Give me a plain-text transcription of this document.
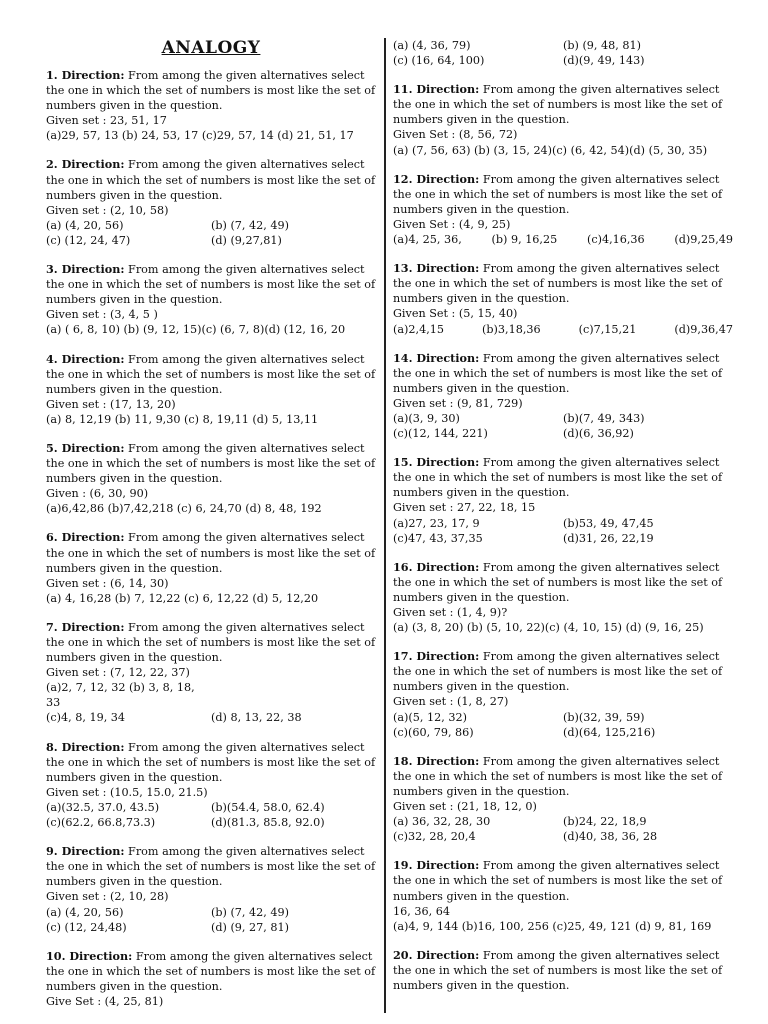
ANALOGY

1. Direction: From among the given alternatives select the one in which the set of numbers is most like the set of numbers given in the question.

Given set : 23, 51, 17

(a)29, 57, 13 (b) 24, 53, 17 (c)29, 57, 14 (d) 21, 51, 17

2. Direction: From among the given alternatives select the one in which the set of numbers is most like the set of numbers given in the question.

Given set : (2, 10, 58)

(a) (4, 20, 56)	(b) (7, 42, 49)
(c) (12, 24, 47)	(d) (9,27,81)

3. Direction: From among the given alternatives select the one in which the set of numbers is most like the set of numbers given in the question.

Given set : (3, 4, 5 )

(a) ( 6, 8, 10) (b) (9, 12, 15)(c) (6, 7, 8)(d) (12, 16, 20

4. Direction: From among the given alternatives select the one in which the set of numbers is most like the set of numbers given in the question.

Given set : (17, 13, 20)

(a) 8, 12,19 (b) 11, 9,30 (c) 8, 19,11 (d) 5, 13,11

5. Direction: From among the given alternatives select the one in which the set of numbers is most like the set of numbers given in the question.

Given : (6, 30, 90)

(a)6,42,86 (b)7,42,218 (c) 6, 24,70 (d) 8, 48, 192

6. Direction: From among the given alternatives select the one in which the set of numbers is most like the set of numbers given in the question.

Given set : (6, 14, 30)

(a) 4, 16,28 (b) 7, 12,22 (c) 6, 12,22 (d) 5, 12,20

7. Direction: From among the given alternatives select the one in which the set of numbers is most like the set of numbers given in the question.

Given set : (7, 12, 22, 37)

(a)2, 7, 12, 32 (b) 3, 8, 18, 33
(c)4, 8, 19, 34	(d) 8, 13, 22, 38

8. Direction: From among the given alternatives select the one in which the set of numbers is most like the set of numbers given in the question.

Given set : (10.5, 15.0, 21.5)

(a)(32.5, 37.0, 43.5)	(b)(54.4, 58.0, 62.4)
(c)(62.2, 66.8,73.3)	(d)(81.3, 85.8, 92.0)

9. Direction: From among the given alternatives select the one in which the set of numbers is most like the set of numbers given in the question.

Given set : (2, 10, 28)

(a) (4, 20, 56)	(b) (7, 42, 49)
(c) (12, 24,48)	(d) (9, 27, 81)

10. Direction: From among the given alternatives select the one in which the set of numbers is most like the set of numbers given in the question.

Give Set : (4, 25, 81)

(a) (4, 36, 79)	(b) (9, 48, 81)
(c) (16, 64, 100)	(d)(9, 49, 143)

11. Direction: From among the given alternatives select the one in which the set of numbers is most like the set of numbers given in the question.

Given Set : (8, 56, 72)

(a) (7, 56, 63) (b) (3, 15, 24)(c) (6, 42, 54)(d) (5, 30, 35)

12. Direction: From among the given alternatives select the one in which the set of numbers is most like the set of numbers given in the question.

Given Set : (4, 9, 25)

(a)4, 25, 36,	(b) 9, 16,25	(c)4,16,36	(d)9,25,49

13. Direction: From among the given alternatives select the one in which the set of numbers is most like the set of numbers given in the question.

Given Set : (5, 15, 40)

(a)2,4,15	(b)3,18,36	(c)7,15,21	(d)9,36,47

14. Direction: From among the given alternatives select the one in which the set of numbers is most like the set of numbers given in the question.

Given set : (9, 81, 729)

(a)(3, 9, 30)	(b)(7, 49, 343)
(c)(12, 144, 221)	(d)(6, 36,92)

15. Direction: From among the given alternatives select the one in which the set of numbers is most like the set of numbers given in the question.

Given set : 27, 22, 18, 15

(a)27, 23, 17, 9	(b)53, 49, 47,45
(c)47, 43, 37,35	(d)31, 26, 22,19

16. Direction: From among the given alternatives select the one in which the set of numbers is most like the set of numbers given in the question.

Given set : (1, 4, 9)?

(a) (3, 8, 20) (b) (5, 10, 22)(c) (4, 10, 15) (d) (9, 16, 25)

17. Direction: From among the given alternatives select the one in which the set of numbers is most like the set of numbers given in the question.

Given set : (1, 8, 27)

(a)(5, 12, 32)	(b)(32, 39, 59)
(c)(60, 79, 86)	(d)(64, 125,216)

18. Direction: From among the given alternatives select the one in which the set of numbers is most like the set of numbers given in the question.

Given set : (21, 18, 12, 0)

(a) 36, 32, 28, 30	(b)24, 22, 18,9
(c)32, 28, 20,4	(d)40, 38, 36, 28

19. Direction: From among the given alternatives select the one in which the set of numbers is most like the set of numbers given in the question.

16, 36, 64

(a)4, 9, 144 (b)16, 100, 256 (c)25, 49, 121 (d) 9, 81, 169

20. Direction: From among the given alternatives select the one in which the set of numbers is most like the set of numbers given in the question.
